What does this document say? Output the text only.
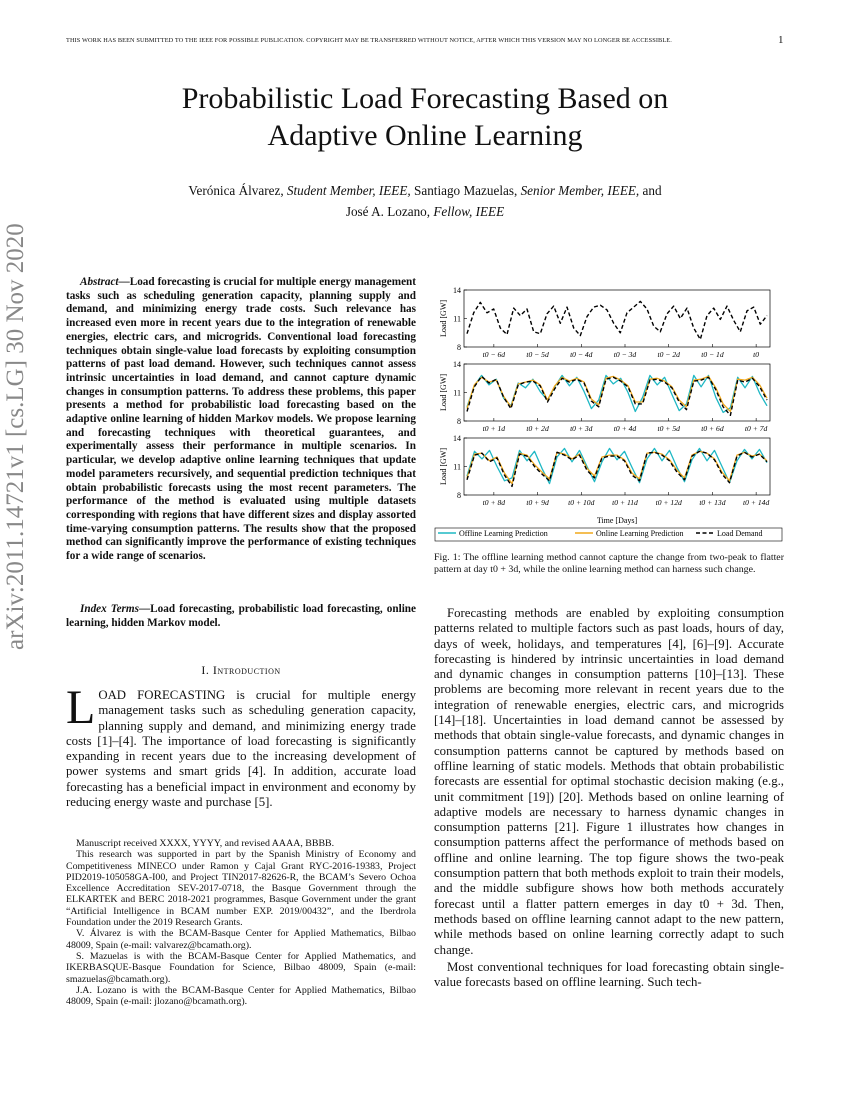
THIS WORK HAS BEEN SUBMITTED TO THE IEEE FOR POSSIBLE PUBLICATION. COPYRIGHT MAY BE TRANSFERRED WITHOUT NOTICE, AFTER WHICH THIS VERSION MAY NO LONGER BE ACCESSIBLE.	1
arXiv:2011.14721v1 [cs.LG] 30 Nov 2020
Probabilistic Load Forecasting Based on Adaptive Online Learning
Verónica Álvarez, Student Member, IEEE, Santiago Mazuelas, Senior Member, IEEE, and
José A. Lozano, Fellow, IEEE
Abstract—Load forecasting is crucial for multiple energy management tasks such as scheduling generation capacity, planning supply and demand, and minimizing energy trade costs. Such relevance has increased even more in recent years due to the integration of renewable energies, electric cars, and microgrids. Conventional load forecasting techniques obtain single-value load forecasts by exploiting consumption patterns of past load demand. However, such techniques cannot assess intrinsic uncertainties in load demand, and cannot capture dynamic changes in consumption patterns. To address these problems, this paper presents a method for probabilistic load forecasting based on the adaptive online learning of hidden Markov models. We propose learning and forecasting techniques with theoretical guarantees, and experimentally assess their performance in multiple scenarios. In particular, we develop adaptive online learning techniques that update model parameters recursively, and sequential prediction techniques that obtain probabilistic forecasts using the most recent parameters. The performance of the method is evaluated using multiple datasets corresponding with regions that have different sizes and display assorted time-varying consumption patterns. The results show that the proposed method can significantly improve the performance of existing techniques for a wide range of scenarios.
Index Terms—Load forecasting, probabilistic load forecasting, online learning, hidden Markov model.
I. Introduction
LOAD FORECASTING is crucial for multiple energy management tasks such as scheduling generation capacity, planning supply and demand, and minimizing energy trade costs [1]–[4]. The importance of load forecasting is significantly expanding in recent years due to the increasing development of power systems and smart grids [4]. In addition, accurate load forecasting has a beneficial impact in environment and economy by reducing energy waste and purchase [5].

Manuscript received XXXX, YYYY, and revised AAAA, BBBB.

This research was supported in part by the Spanish Ministry of Economy and Competitiveness MINECO under Ramon y Cajal Grant RYC-2016-19383, Project PID2019-105058GA-I00, and Project TIN2017-82626-R, the BCAM’s Severo Ochoa Excellence Accreditation SEV-2017-0718, the Basque Government through the ELKARTEK and BERC 2018-2021 programmes, Basque Government under the grant “Artificial Intelligence in BCAM number EXP. 2019/00432”, and the Iberdrola Foundation under the 2019 Research Grants.

V. Álvarez is with the BCAM-Basque Center for Applied Mathematics, Bilbao 48009, Spain (e-mail: valvarez@bcamath.org).

S. Mazuelas is with the BCAM-Basque Center for Applied Mathematics, and IKERBASQUE-Basque Foundation for Science, Bilbao 48009, Spain (e-mail: smazuelas@bcamath.org).

J.A. Lozano is with the BCAM-Basque Center for Applied Mathematics, Bilbao 48009, Spain (e-mail: jlozano@bcamath.org).

8
11
14
Load [GW]
t0 − 6d	t0 − 5d	t0 − 4d	t0 − 3d	t0 − 2d	t0 − 1d	t0
8
11
14
Load [GW]
t0 + 1d	t0 + 2d	t0 + 3d	t0 + 4d	t0 + 5d	t0 + 6d	t0 + 7d
8
11
14
Load [GW]
t0 + 8d	t0 + 9d	t0 + 10d t0 + 11d t0 + 12d t0 + 13d t0 + 14d
Time [Days]
Offline Learning Prediction	Online Learning Prediction	Load Demand
Fig. 1: The offline learning method cannot capture the change from two-peak to flatter pattern at day t0 + 3d, while the online learning method can harness such change.

Forecasting methods are enabled by exploiting consumption patterns related to multiple factors such as past loads, hours of day, days of week, holidays, and temperatures [4], [6]–[9]. Accurate forecasting is hindered by intrinsic uncertainties in load demand and dynamic changes in consumption patterns [10]–[13]. These problems are becoming more relevant in recent years due to the integration of renewable energies, electric cars, and microgrids [14]–[18]. Uncertainties in load demand cannot be assessed by methods that obtain single-value forecasts, and dynamic changes in consumption patterns cannot be captured by methods based on offline learning of static models. Methods that obtain probabilistic forecasts are essential for optimal stochastic decision making (e.g., unit commitment [19]) [20]. Methods based on online learning of adaptive models are necessary to harness dynamic changes in consumption patterns [21]. Figure 1 illustrates how changes in consumption patterns affect the performance of methods based on offline and online learning. The top figure shows the two-peak consumption pattern that both methods exploit to train their models, and the middle subfigure shows how both methods accurately forecast until a flatter pattern emerges in day t0 + 3d. Then, methods based on offline learning cannot adapt to the new pattern, while methods based on online learning correctly adapt to such change.

Most conventional techniques for load forecasting obtain single-value forecasts based on offline learning. Such tech-
